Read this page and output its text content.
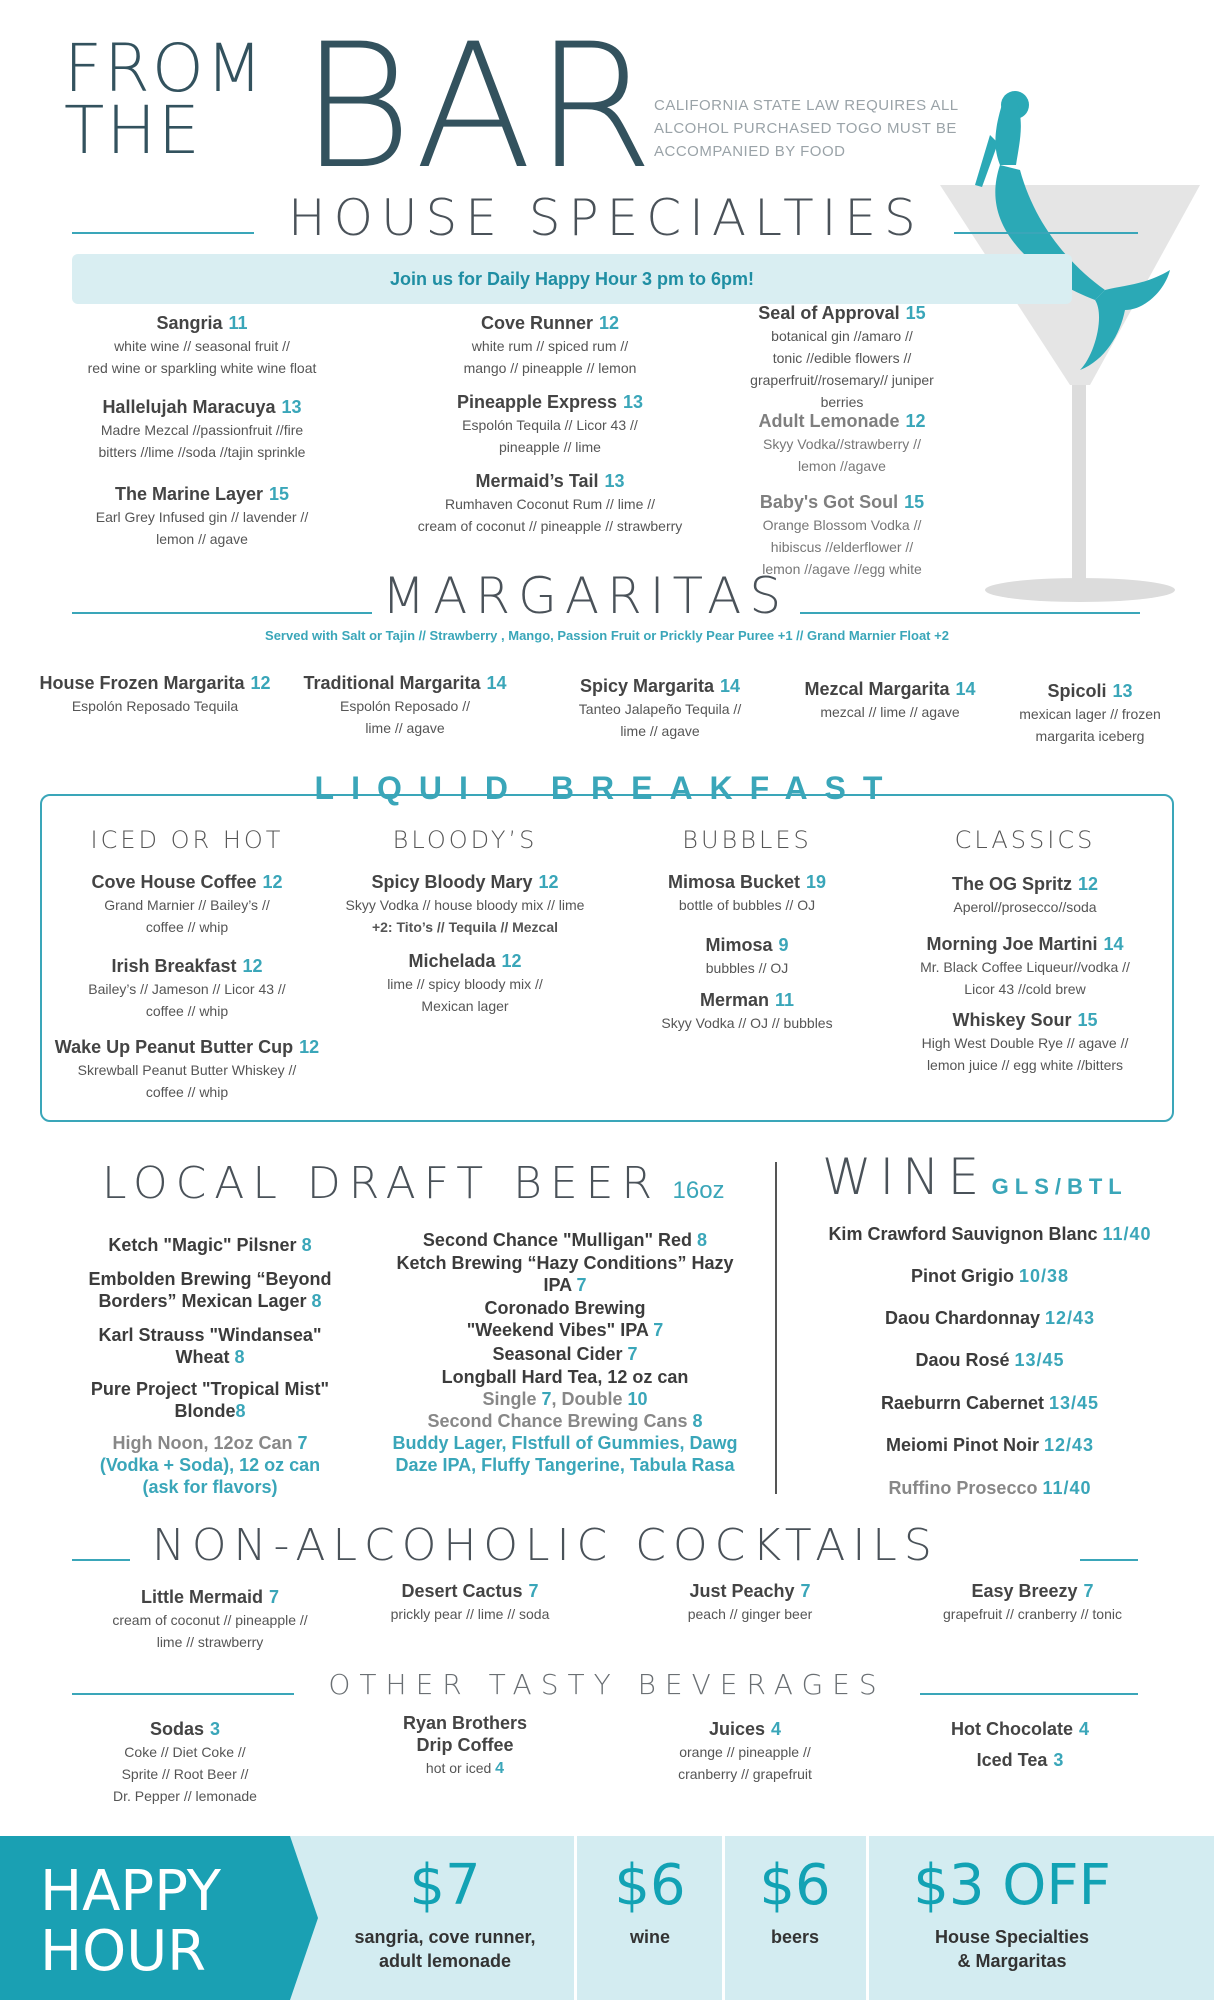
FROM
THE BAR
CALIFORNIA STATE LAW REQUIRES ALL
ALCOHOL PURCHASED TOGO MUST BE
ACCOMPANIED BY FOOD
HOUSE SPECIALTIES
Join us for Daily Happy Hour 3 pm to 6pm!
Sangria 11
white wine // seasonal fruit //
red wine or sparkling white wine float
Hallelujah Maracuya 13
Madre Mezcal //passionfruit //fire
bitters //lime //soda //tajin sprinkle
The Marine Layer 15
Earl Grey Infused gin // lavender //
lemon // agave
Cove Runner 12
white rum // spiced rum //
mango // pineapple // lemon
Pineapple Express 13
Espolón Tequila // Licor 43 //
pineapple // lime
Mermaid’s Tail 13
Rumhaven Coconut Rum // lime //
cream of coconut // pineapple // strawberry
Seal of Approval 15
botanical gin //amaro //
tonic //edible flowers //
graperfruit//rosemary// juniper
berries
Adult Lemonade 12
Skyy Vodka//strawberry //
lemon //agave
Baby's Got Soul 15
Orange Blossom Vodka //
hibiscus //elderflower //
lemon //agave //egg white
MARGARITAS
Served with Salt or Tajin // Strawberry , Mango, Passion Fruit or Prickly Pear Puree +1 // Grand Marnier Float +2
House Frozen Margarita 12
Espolón Reposado Tequila
Traditional Margarita 14
Espolón Reposado //
lime // agave
Spicy Margarita 14
Tanteo Jalapeño Tequila //
lime // agave
Mezcal Margarita 14
mezcal // lime // agave
Spicoli 13
mexican lager // frozen
margarita iceberg
LIQUID BREAKFAST
ICED OR HOT	BLOODY’S	BUBBLES	CLASSICS
Cove House Coffee 12
Grand Marnier // Bailey’s //
coffee // whip
Irish Breakfast 12
Bailey’s // Jameson // Licor 43 //
coffee // whip
Wake Up Peanut Butter Cup 12
Skrewball Peanut Butter Whiskey //
coffee // whip
Spicy Bloody Mary 12
Skyy Vodka // house bloody mix // lime
+2: Tito’s // Tequila // Mezcal
Michelada 12
lime // spicy bloody mix //
Mexican lager
Mimosa Bucket 19
bottle of bubbles // OJ
Mimosa 9
bubbles // OJ
Merman 11
Skyy Vodka // OJ // bubbles
The OG Spritz 12
Aperol//prosecco//soda
Morning Joe Martini 14
Mr. Black Coffee Liqueur//vodka //
Licor 43 //cold brew
Whiskey Sour 15
High West Double Rye // agave //
lemon juice // egg white //bitters
LOCAL DRAFT BEER 16oz
Ketch "Magic" Pilsner 8
Embolden Brewing “Beyond
Borders” Mexican Lager 8
Karl Strauss "Windansea"
Wheat 8
Pure Project "Tropical Mist"
Blonde8
High Noon, 12oz Can 7
(Vodka + Soda), 12 oz can
(ask for flavors)
Second Chance "Mulligan" Red 8
Ketch Brewing “Hazy Conditions” Hazy
IPA 7
Coronado Brewing
"Weekend Vibes" IPA 7
Seasonal Cider 7
Longball Hard Tea, 12 oz can
Single 7, Double 10
Second Chance Brewing Cans 8
Buddy Lager, FIstfull of Gummies, Dawg
Daze IPA, Fluffy Tangerine, Tabula Rasa
WINE GLS/BTL
Kim Crawford Sauvignon Blanc 11/40
Pinot Grigio 10/38
Daou Chardonnay 12/43
Daou Rosé 13/45
Raeburrn Cabernet 13/45
Meiomi Pinot Noir 12/43
Ruffino Prosecco 11/40
NON-ALCOHOLIC COCKTAILS
Little Mermaid 7
cream of coconut // pineapple //
lime // strawberry
Desert Cactus 7
prickly pear // lime // soda
Just Peachy 7
peach // ginger beer
Easy Breezy 7
grapefruit // cranberry // tonic
OTHER TASTY BEVERAGES
Sodas 3
Coke // Diet Coke //
Sprite // Root Beer //
Dr. Pepper // lemonade
Ryan Brothers
Drip Coffee
hot or iced 4
Juices 4
orange // pineapple //
cranberry // grapefruit
Hot Chocolate 4
Iced Tea 3
HAPPY
HOUR
$7
sangria, cove runner,
adult lemonade
$6
wine
$6
beers
$3 OFF
House Specialties
& Margaritas
